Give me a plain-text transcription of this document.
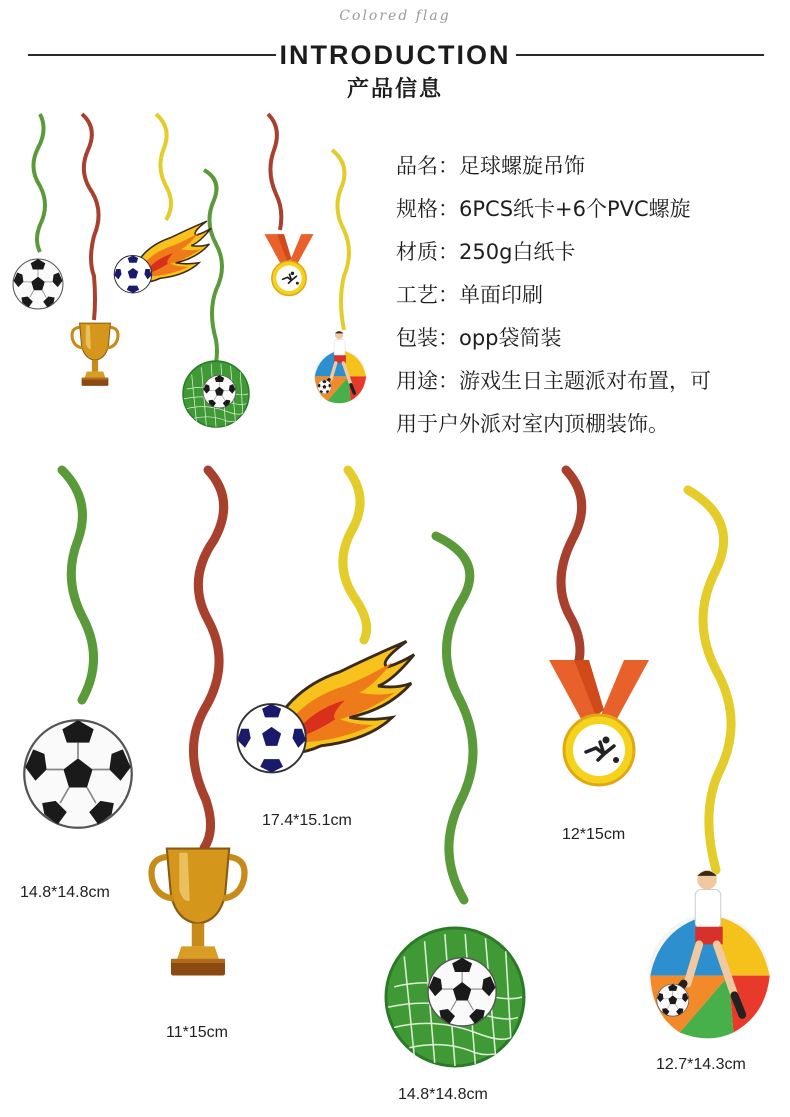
Colored flag
INTRODUCTION
产品信息
品名：足球螺旋吊饰
规格：6PCS纸卡+6个PVC螺旋
材质：250g白纸卡
工艺：单面印刷
包装：opp袋简装
用途：游戏生日主题派对布置，可
用于户外派对室内顶棚装饰。
14.8*14.8cm
11*15cm
17.4*15.1cm
14.8*14.8cm
12*15cm
12.7*14.3cm
